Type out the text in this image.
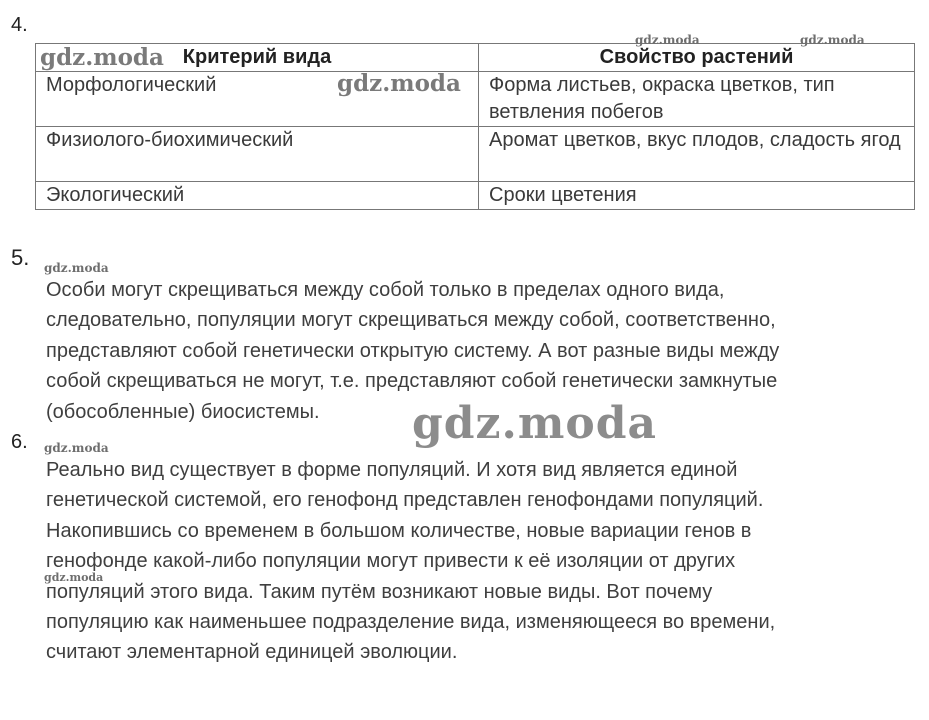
4.
Критерий вида	Свойство растений
Морфологический	Форма листьев, окраска цветков, тип ветвления побегов
Физиолого-биохимический	Аромат цветков, вкус плодов, сладость ягод
Экологический	Сроки цветения
5.
Особи могут скрещиваться между собой только в пределах одного вида,
следовательно, популяции могут скрещиваться между собой, соответственно,
представляют собой генетически открытую систему. А вот разные виды между
собой скрещиваться не могут, т.е. представляют собой генетически замкнутые
(обособленные) биосистемы.
6.
Реально вид существует в форме популяций. И хотя вид является единой
генетической системой, его генофонд представлен генофондами популяций.
Накопившись со временем в большом количестве, новые вариации генов в
генофонде какой-либо популяции могут привести к её изоляции от других
популяций этого вида. Таким путём возникают новые виды. Вот почему
популяцию как наименьшее подразделение вида, изменяющееся во времени,
считают элементарной единицей эволюции.
gdz.moda
gdz.moda	gdz.moda
gdz.moda
gdz.moda
gdz.moda
gdz.moda
gdz.moda
